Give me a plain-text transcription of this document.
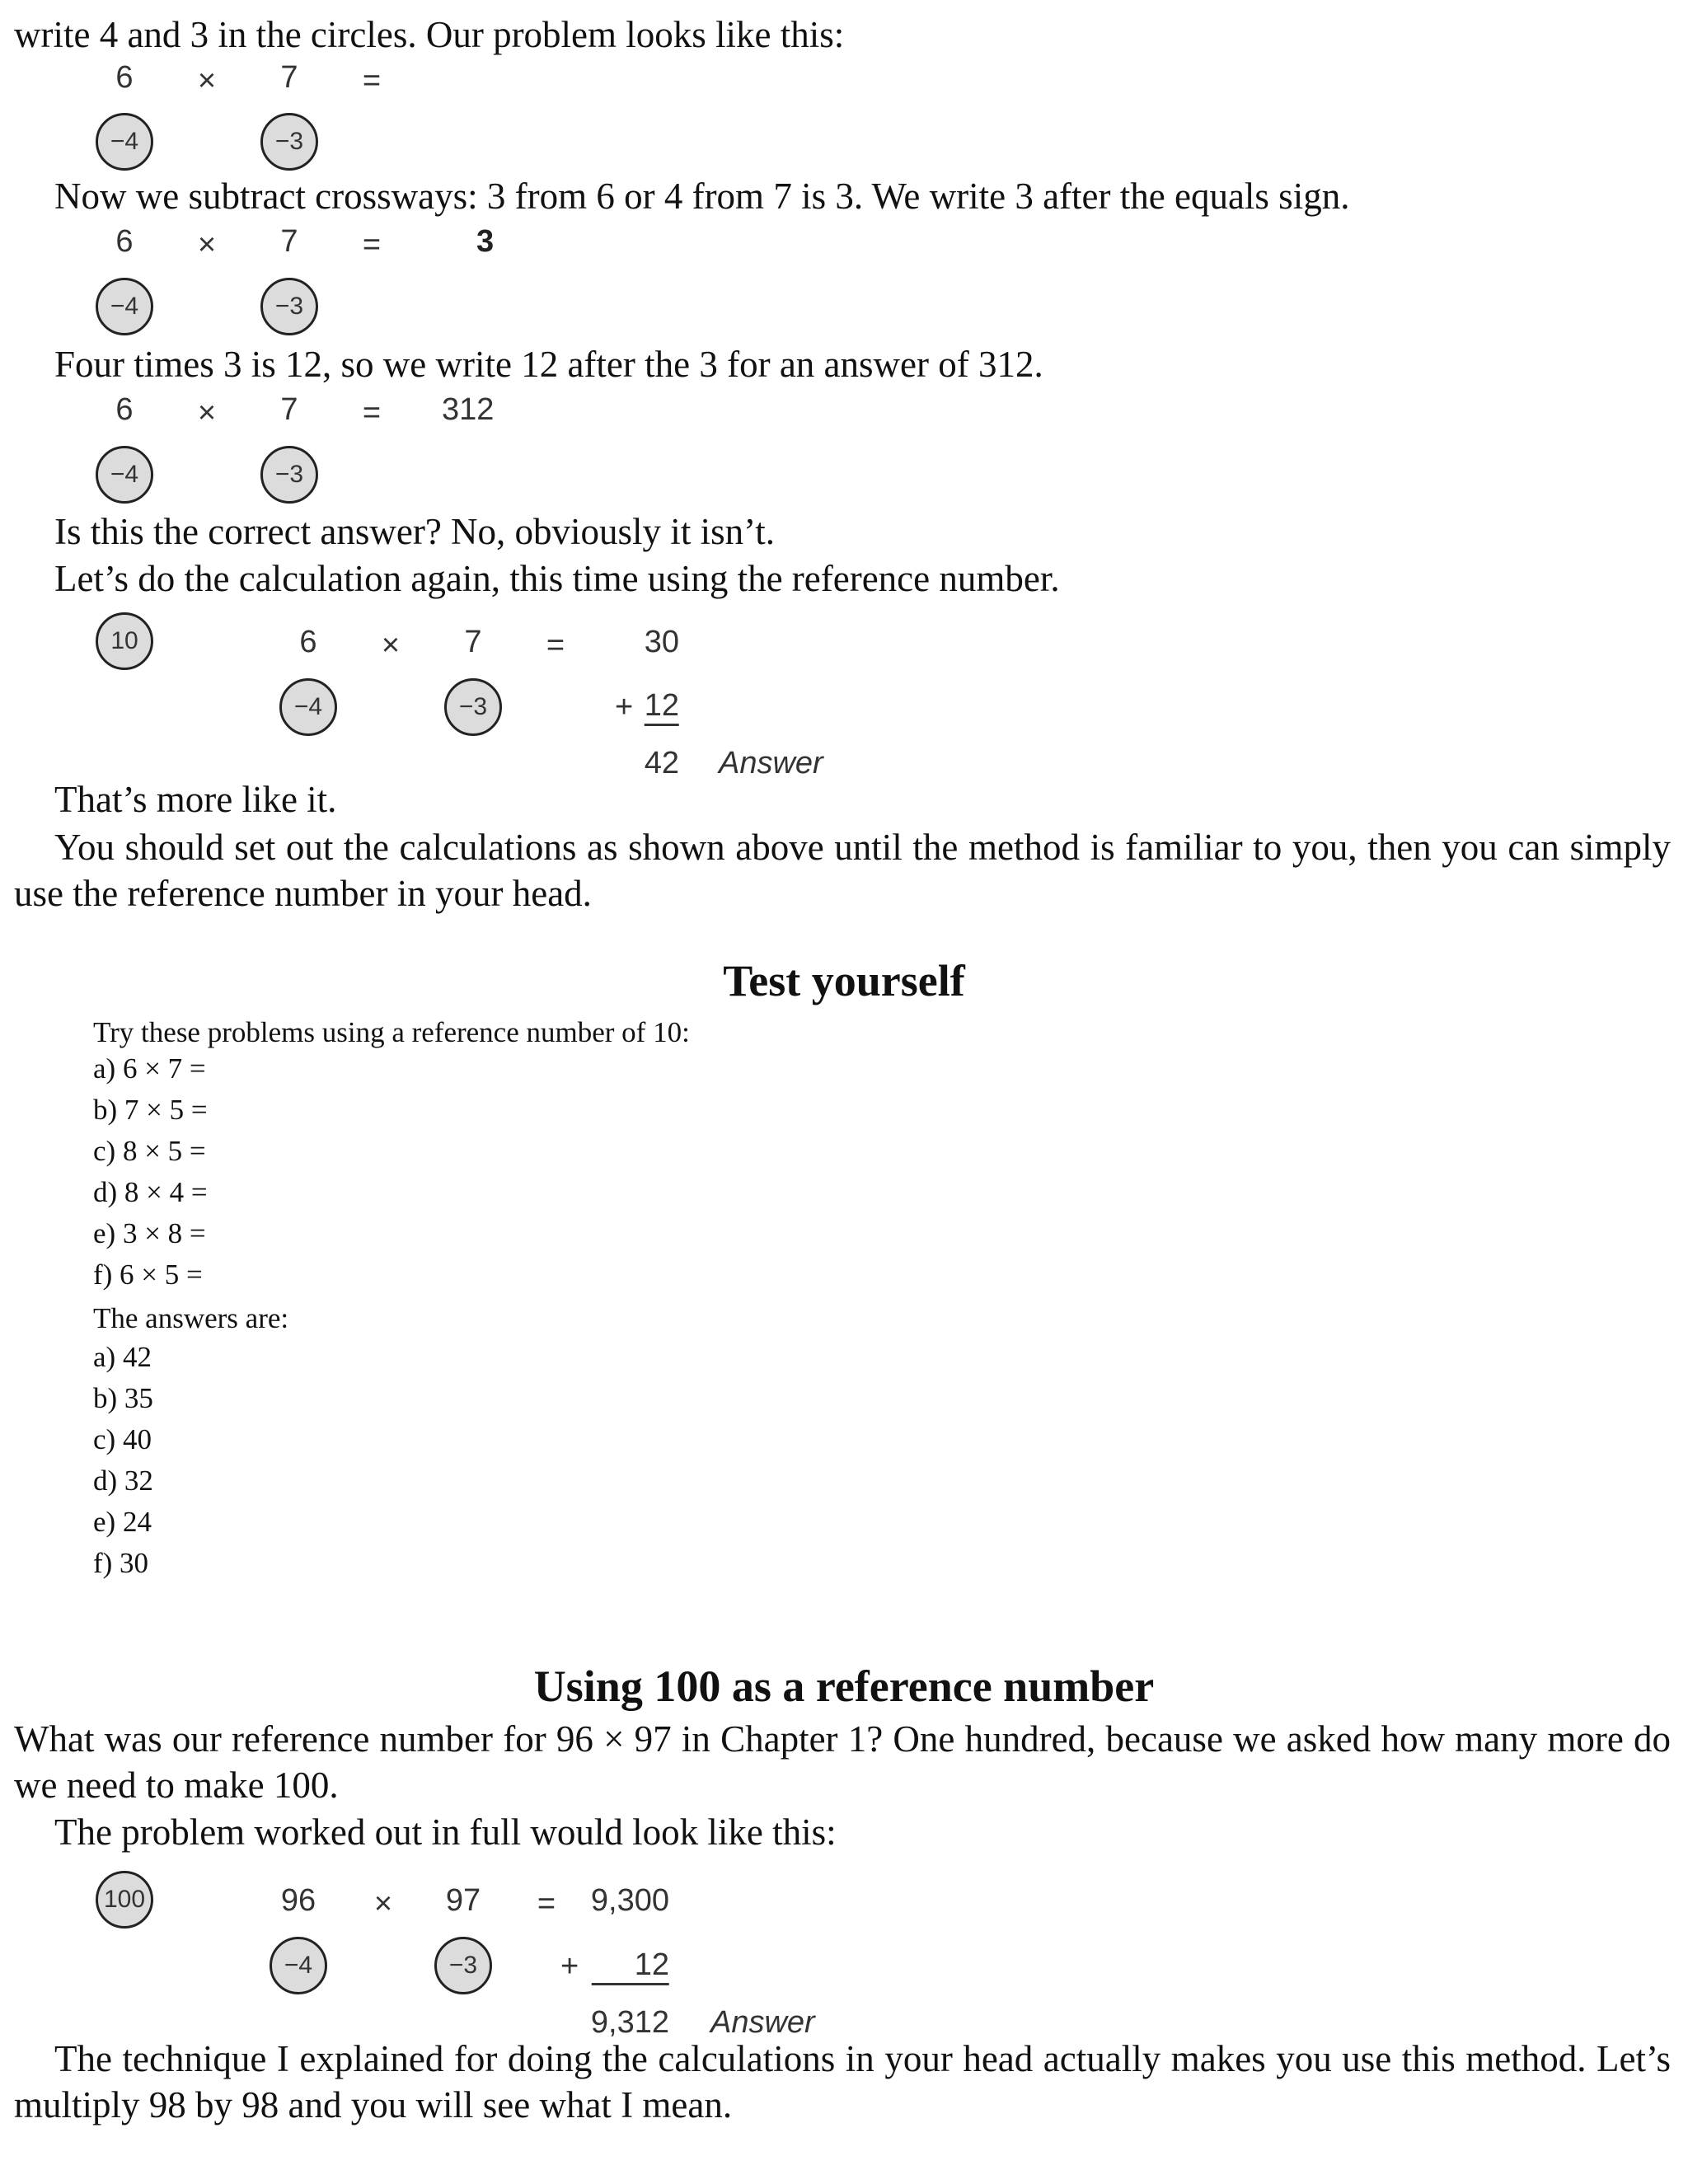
write 4 and 3 in the circles. Our problem looks like this:
6 × 7 =
−4	−3
Now we subtract crossways: 3 from 6 or 4 from 7 is 3. We write 3 after the equals sign.
6 × 7 =	3
−4	−3
Four times 3 is 12, so we write 12 after the 3 for an answer of 312.
6 × 7 = 312
−4	−3
Is this the correct answer? No, obviously it isn’t.
Let’s do the calculation again, this time using the reference number.
10	6 × 7 =	30
−4	−3	+ 12
42 Answer
That’s more like it.
You should set out the calculations as shown above until the method is familiar to you, then you can simply use the reference number in your head.
Test yourself
Try these problems using a reference number of 10:
a) 6 × 7 =
b) 7 × 5 =
c) 8 × 5 =
d) 8 × 4 =
e) 3 × 8 =
f) 6 × 5 =
The answers are:
a) 42
b) 35
c) 40
d) 32
e) 24
f) 30
Using 100 as a reference number
What was our reference number for 96 × 97 in Chapter 1? One hundred, because we asked how many more do we need to make 100.
The problem worked out in full would look like this:
100	96 × 97 = 9,300
−4	−3	+	12
9,312 Answer
The technique I explained for doing the calculations in your head actually makes you use this method. Let’s multiply 98 by 98 and you will see what I mean.
